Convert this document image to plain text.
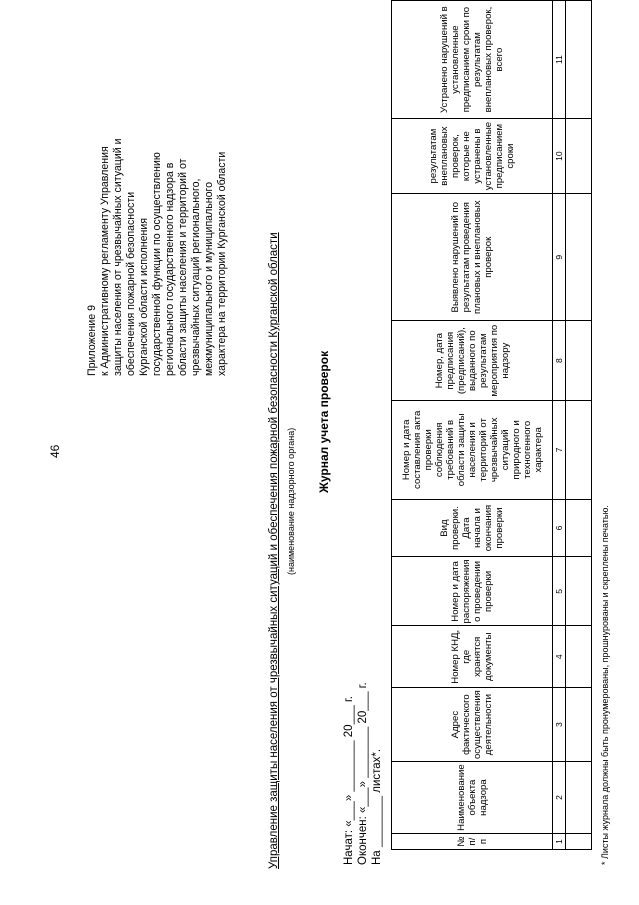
46
Приложение 9 к Административному регламенту Управления защиты населения от чрезвычайных ситуаций и обеспечения пожарной безопасности Курганской области исполнения государственной функции по осуществлению регионального государственного надзора в области защиты населения и территорий от чрезвычайных ситуаций регионального, межмуниципального и муниципального характера на территории Курганской области	Управление защиты населения от чрезвычайных ситуаций и обеспечения пожарной безопасности Курганской области (наименование надзорного органа)
Журнал учета проверок
Начат: «___» ________ 20___ г. Окончен: «___» ________ 20___ г. На ________ листах*.	№ п/п	Наименование объекта надзора	Адрес фактического осуществления деятельности	Номер КНД, где хранятся документы	Номер и дата распоряжения о проведении проверки	Вид проверки. Дата начала и окончания проверки	Номер и дата составления акта проверки соблюдения требований в области защиты населения и территорий от чрезвычайных ситуаций природного и техногенного характера	Номер, дата предписания (предписаний), выданного по результатам мероприятия по надзору	Выявлено нарушений по результатам проведения плановых и внеплановых проверок	результатам внеплановых проверок, которые не устранены в установленные предписанием сроки	Устранено нарушений в установленные предписанием сроки по результатам внеплановых проверок, всего
1	2	3	4	5	6	7	8	9	10	11

* Листы журнала должны быть пронумерованы, прошнурованы и скреплены печатью.
